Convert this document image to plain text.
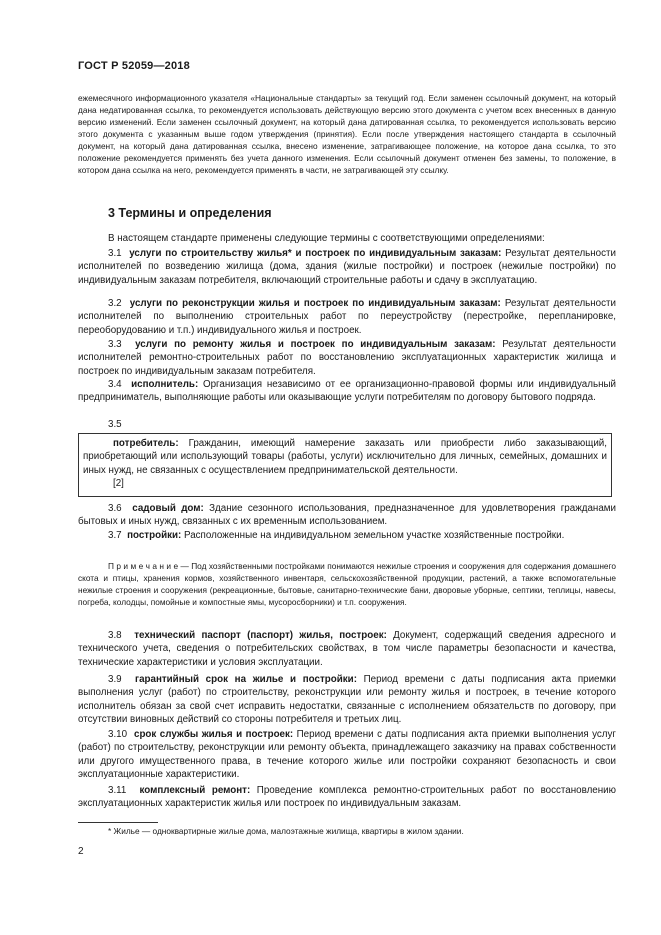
ГОСТ Р 52059—2018
ежемесячного информационного указателя «Национальные стандарты» за текущий год. Если заменен ссылочный документ, на который дана недатированная ссылка, то рекомендуется использовать действующую версию этого документа с учетом всех внесенных в данную версию изменений. Если заменен ссылочный документ, на который дана датированная ссылка, то рекомендуется использовать версию этого документа с указанным выше годом утверждения (принятия). Если после утверждения настоящего стандарта в ссылочный документ, на который дана датированная ссылка, внесено изменение, затрагивающее положение, на которое дана ссылка, то это положение рекомендуется применять без учета данного изменения. Если ссылочный документ отменен без замены, то положение, в котором дана ссылка на него, рекомендуется применять в части, не затрагивающей эту ссылку.
3 Термины и определения
В настоящем стандарте применены следующие термины с соответствующими определениями:
3.1 услуги по строительству жилья* и построек по индивидуальным заказам: Результат деятельности исполнителей по возведению жилища (дома, здания (жилые постройки) и построек (нежилые постройки) по индивидуальным заказам потребителя, включающий строительные работы и сдачу в эксплуатацию.
3.2 услуги по реконструкции жилья и построек по индивидуальным заказам: Результат деятельности исполнителей по выполнению строительных работ по переустройству (перестройке, перепланировке, переоборудованию и т.п.) индивидуального жилья и построек.
3.3 услуги по ремонту жилья и построек по индивидуальным заказам: Результат деятельности исполнителей ремонтно-строительных работ по восстановлению эксплуатационных характеристик жилища и построек по индивидуальным заказам потребителя.
3.4 исполнитель: Организация независимо от ее организационно-правовой формы или индивидуальный предприниматель, выполняющие работы или оказывающие услуги потребителям по договору бытового подряда.
3.5

потребитель: Гражданин, имеющий намерение заказать или приобрести либо заказывающий, приобретающий или использующий товары (работы, услуги) исключительно для личных, семейных, домашних и иных нужд, не связанных с осуществлением предпринимательской деятельности.

[2]

3.6 садовый дом: Здание сезонного использования, предназначенное для удовлетворения гражданами бытовых и иных нужд, связанных с их временным использованием.
3.7 постройки: Расположенные на индивидуальном земельном участке хозяйственные постройки.
П р и м е ч а н и е — Под хозяйственными постройками понимаются нежилые строения и сооружения для содержания домашнего скота и птицы, хранения кормов, хозяйственного инвентаря, сельскохозяйственной продукции, растений, а также вспомогательные нежилые строения и сооружения (рекреационные, бытовые, санитарно-технические бани, дворовые уборные, септики, теплицы, навесы, погреба, колодцы, помойные и компостные ямы, мусоросборники) и т.п. сооружения.
3.8 технический паспорт (паспорт) жилья, построек: Документ, содержащий сведения адресного и технического учета, сведения о потребительских свойствах, в том числе параметры безопасности и качества, технические характеристики и условия эксплуатации.
3.9 гарантийный срок на жилье и постройки: Период времени с даты подписания акта приемки выполнения услуг (работ) по строительству, реконструкции или ремонту жилья и построек, в течение которого исполнитель обязан за свой счет исправить недостатки, связанные с исполнением обязательств по договору, при отсутствии виновных действий со стороны потребителя и третьих лиц.
3.10 срок службы жилья и построек: Период времени с даты подписания акта приемки выполнения услуг (работ) по строительству, реконструкции или ремонту объекта, принадлежащего заказчику на правах собственности или другого имущественного права, в течение которого жилье или постройки сохраняют безопасность и свои эксплуатационные характеристики.
3.11 комплексный ремонт: Проведение комплекса ремонтно-строительных работ по восстановлению эксплуатационных характеристик жилья или построек по индивидуальным заказам.
* Жилье — одноквартирные жилые дома, малоэтажные жилища, квартиры в жилом здании.
2
